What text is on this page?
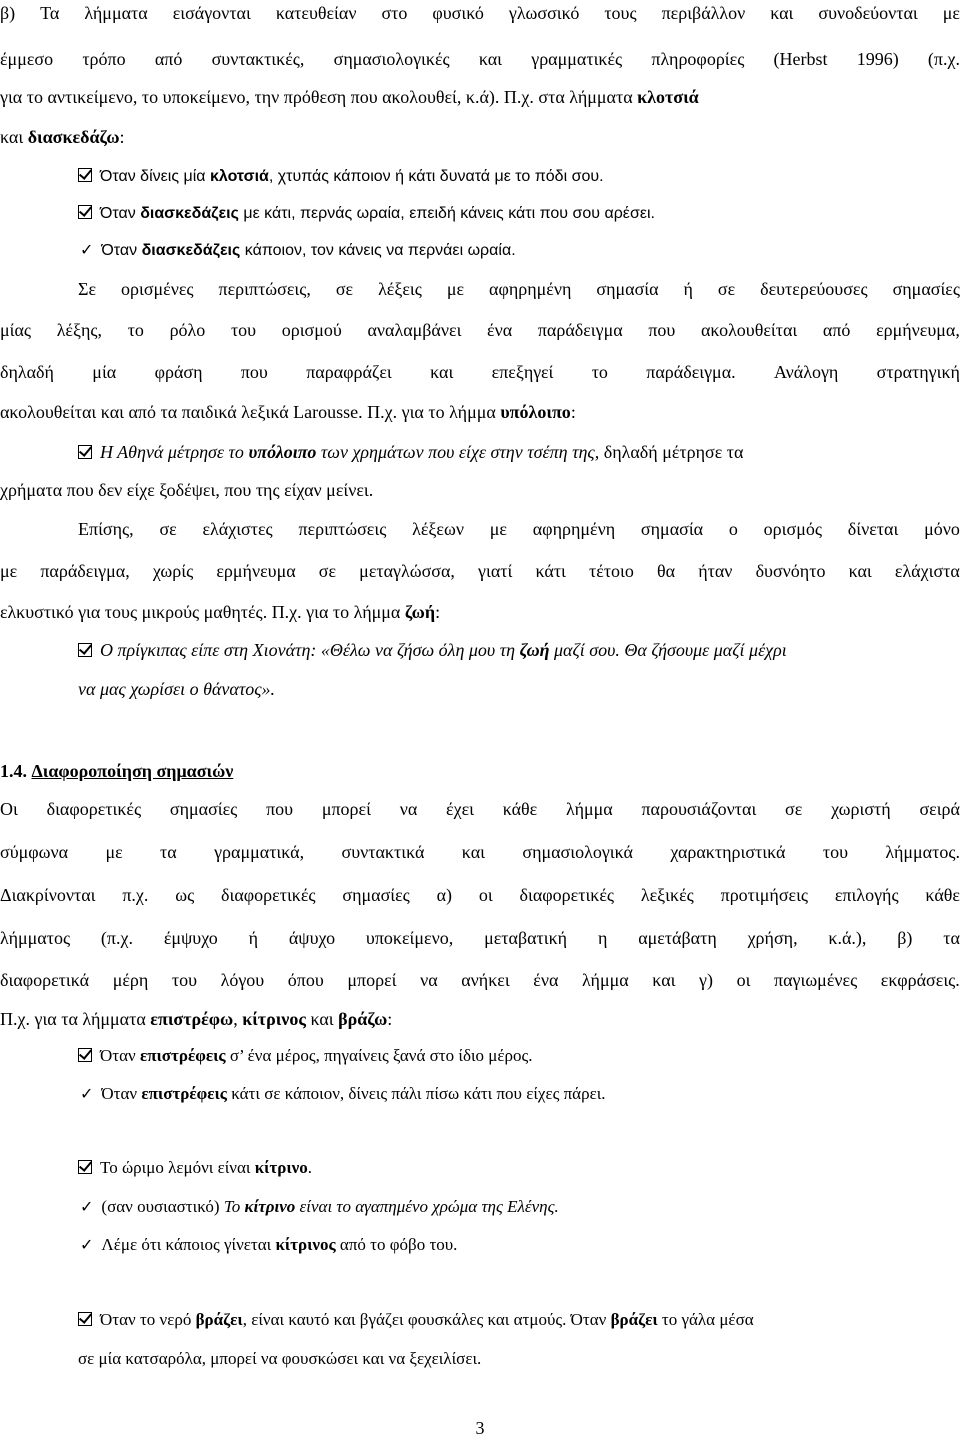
β) Τα λήμματα εισάγονται κατευθείαν στο φυσικό γλωσσικό τους περιβάλλον και συνοδεύονται με
έμμεσο τρόπο από συντακτικές, σημασιολογικές και γραμματικές πληροφορίες (Herbst 1996) (π.χ.
για το αντικείμενο, το υποκείμενο, την πρόθεση που ακολουθεί, κ.ά). Π.χ. στα λήμματα κλοτσιά
και διασκεδάζω:
Όταν δίνεις μία κλοτσιά, χτυπάς κάποιον ή κάτι δυνατά με το πόδι σου.
Όταν διασκεδάζεις με κάτι, περνάς ωραία, επειδή κάνεις κάτι που σου αρέσει.
✓ Όταν διασκεδάζεις κάποιον, τον κάνεις να περνάει ωραία.
Σε ορισμένες περιπτώσεις, σε λέξεις με αφηρημένη σημασία ή σε δευτερεύουσες σημασίες
μίας λέξης, το ρόλο του ορισμού αναλαμβάνει ένα παράδειγμα που ακολουθείται από ερμήνευμα,
δηλαδή μία φράση που παραφράζει και επεξηγεί το παράδειγμα. Ανάλογη στρατηγική
ακολουθείται και από τα παιδικά λεξικά Larousse. Π.χ. για το λήμμα υπόλοιπο:
Η Αθηνά μέτρησε το υπόλοιπο των χρημάτων που είχε στην τσέπη της, δηλαδή μέτρησε τα
χρήματα που δεν είχε ξοδέψει, που της είχαν μείνει.
Επίσης, σε ελάχιστες περιπτώσεις λέξεων με αφηρημένη σημασία ο ορισμός δίνεται μόνο
με παράδειγμα, χωρίς ερμήνευμα σε μεταγλώσσα, γιατί κάτι τέτοιο θα ήταν δυσνόητο και ελάχιστα
ελκυστικό για τους μικρούς μαθητές. Π.χ. για το λήμμα ζωή:
Ο πρίγκιπας είπε στη Χιονάτη: «Θέλω να ζήσω όλη μου τη ζωή μαζί σου. Θα ζήσουμε μαζί μέχρι
να μας χωρίσει ο θάνατος».
1.4. Διαφοροποίηση σημασιών
Οι διαφορετικές σημασίες που μπορεί να έχει κάθε λήμμα παρουσιάζονται σε χωριστή σειρά
σύμφωνα με τα γραμματικά, συντακτικά και σημασιολογικά χαρακτηριστικά του λήμματος.
Διακρίνονται π.χ. ως διαφορετικές σημασίες α) οι διαφορετικές λεξικές προτιμήσεις επιλογής κάθε
λήμματος (π.χ. έμψυχο ή άψυχο υποκείμενο, μεταβατική η αμετάβατη χρήση, κ.ά.), β) τα
διαφορετικά μέρη του λόγου όπου μπορεί να ανήκει ένα λήμμα και γ) οι παγιωμένες εκφράσεις.
Π.χ. για τα λήμματα επιστρέφω, κίτρινος και βράζω:
Όταν επιστρέφεις σ’ ένα μέρος, πηγαίνεις ξανά στο ίδιο μέρος.
✓ Όταν επιστρέφεις κάτι σε κάποιον, δίνεις πάλι πίσω κάτι που είχες πάρει.
Το ώριμο λεμόνι είναι κίτρινο.
✓ (σαν ουσιαστικό) Το κίτρινο είναι το αγαπημένο χρώμα της Ελένης.
✓ Λέμε ότι κάποιος γίνεται κίτρινος από το φόβο του.
Όταν το νερό βράζει, είναι καυτό και βγάζει φουσκάλες και ατμούς. Όταν βράζει το γάλα μέσα
σε μία κατσαρόλα, μπορεί να φουσκώσει και να ξεχειλίσει.
3
